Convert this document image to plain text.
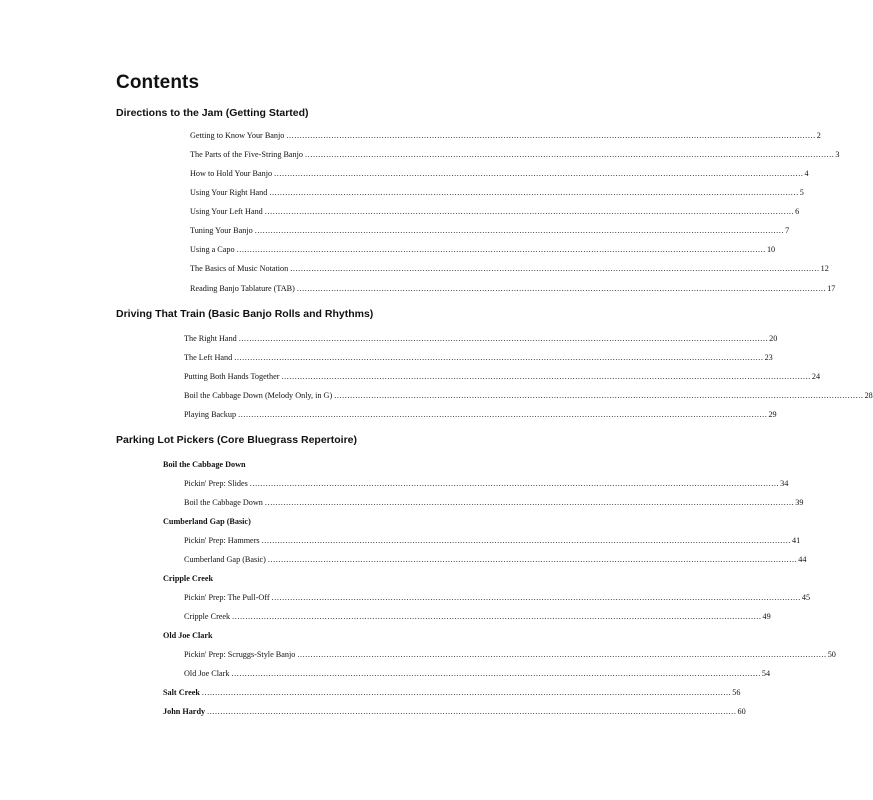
Contents
Directions to the Jam (Getting Started)
Getting to Know Your Banjo ........................................................................................................................................................................................................ 2
The Parts of the Five-String Banjo ........................................................................................................................................................................................................ 3
How to Hold Your Banjo ........................................................................................................................................................................................................ 4
Using Your Right Hand ........................................................................................................................................................................................................ 5
Using Your Left Hand ........................................................................................................................................................................................................ 6
Tuning Your Banjo ........................................................................................................................................................................................................ 7
Using a Capo ........................................................................................................................................................................................................ 10
The Basics of Music Notation ........................................................................................................................................................................................................ 12
Reading Banjo Tablature (TAB) ........................................................................................................................................................................................................ 17
Driving That Train (Basic Banjo Rolls and Rhythms)
The Right Hand ........................................................................................................................................................................................................ 20
The Left Hand ........................................................................................................................................................................................................ 23
Putting Both Hands Together ........................................................................................................................................................................................................ 24
Boil the Cabbage Down (Melody Only, in G) ........................................................................................................................................................................................................ 28
Playing Backup ........................................................................................................................................................................................................ 29
Parking Lot Pickers (Core Bluegrass Repertoire)
Boil the Cabbage Down
Pickin' Prep: Slides ........................................................................................................................................................................................................ 34
Boil the Cabbage Down ........................................................................................................................................................................................................ 39
Cumberland Gap (Basic)
Pickin' Prep: Hammers ........................................................................................................................................................................................................ 41
Cumberland Gap (Basic) ........................................................................................................................................................................................................ 44
Cripple Creek
Pickin' Prep: The Pull-Off ........................................................................................................................................................................................................ 45
Cripple Creek ........................................................................................................................................................................................................ 49
Old Joe Clark
Pickin' Prep: Scruggs-Style Banjo ........................................................................................................................................................................................................ 50
Old Joe Clark ........................................................................................................................................................................................................ 54
Salt Creek ........................................................................................................................................................................................................ 56
John Hardy ........................................................................................................................................................................................................ 60
